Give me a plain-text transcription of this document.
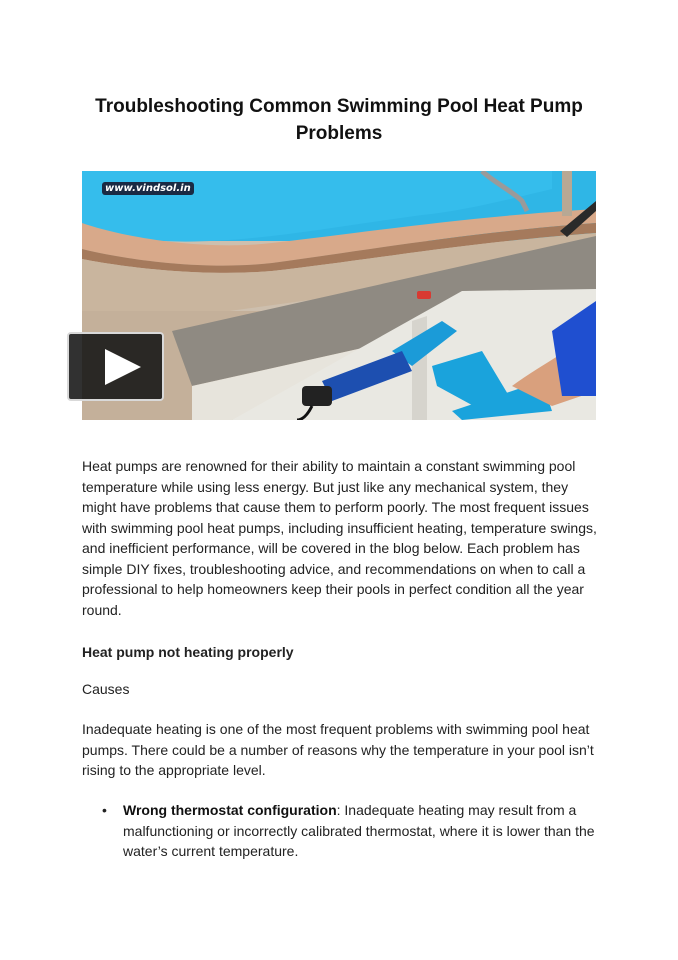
Troubleshooting Common Swimming Pool Heat Pump Problems
www.vindsol.in

Heat pumps are renowned for their ability to maintain a constant swimming pool temperature while using less energy. But just like any mechanical system, they might have problems that cause them to perform poorly. The most frequent issues with swimming pool heat pumps, including insufficient heating, temperature swings, and inefficient performance, will be covered in the blog below. Each problem has simple DIY fixes, troubleshooting advice, and recommendations on when to call a professional to help homeowners keep their pools in perfect condition all the year round.

Heat pump not heating properly

Causes

Inadequate heating is one of the most frequent problems with swimming pool heat pumps. There could be a number of reasons why the temperature in your pool isn’t rising to the appropriate level.

• Wrong thermostat configuration: Inadequate heating may result from a malfunctioning or incorrectly calibrated thermostat, where it is lower than the water’s current temperature.
